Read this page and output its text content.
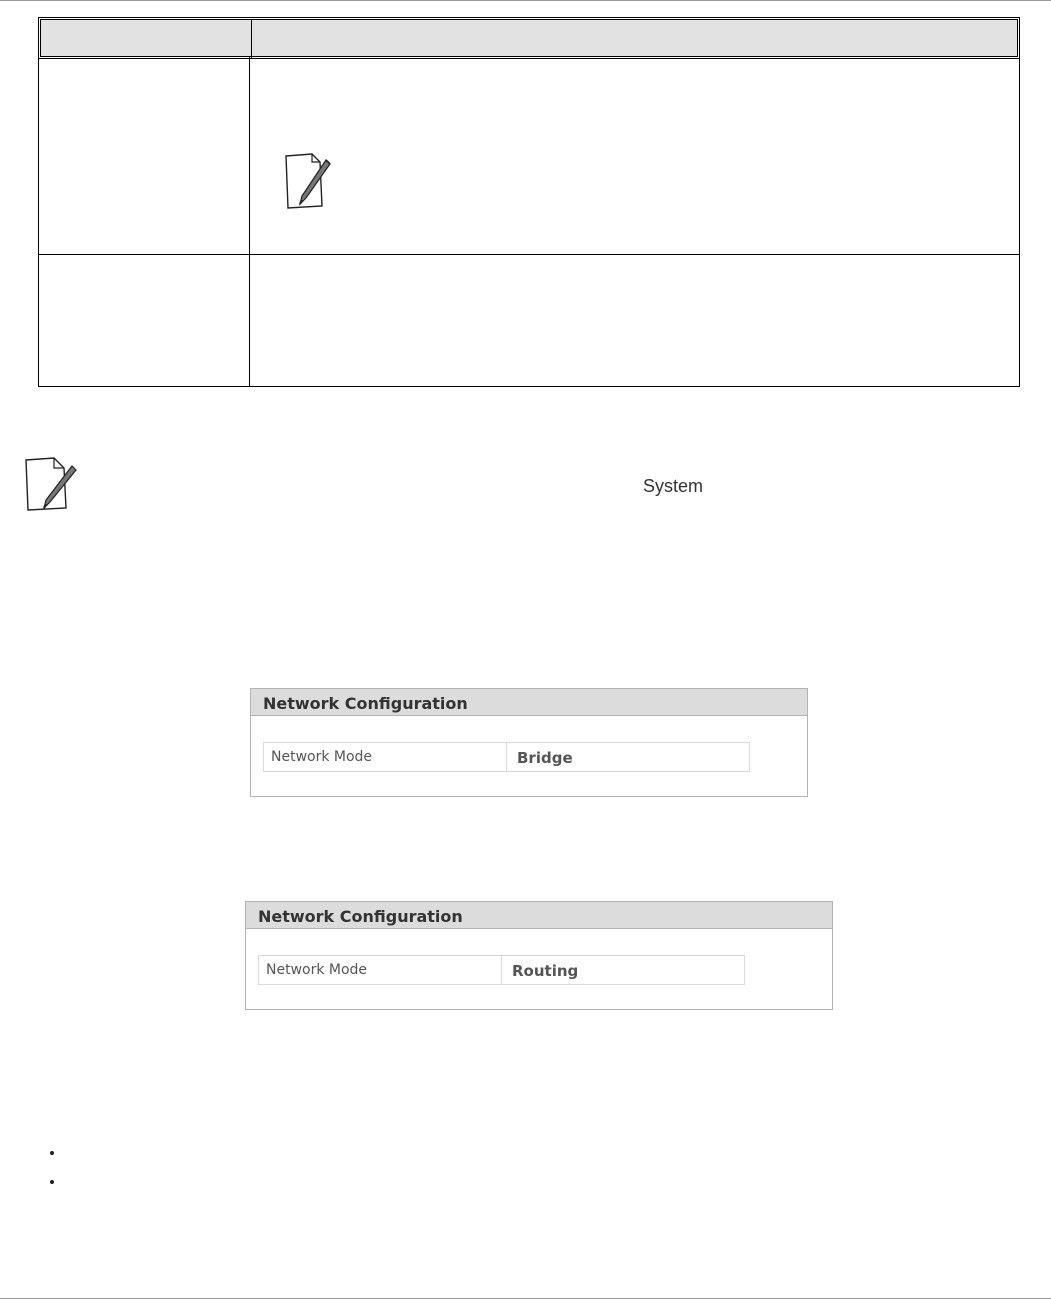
System
Network Configuration
Network Mode	Bridge
Network Configuration
Network Mode	Routing
